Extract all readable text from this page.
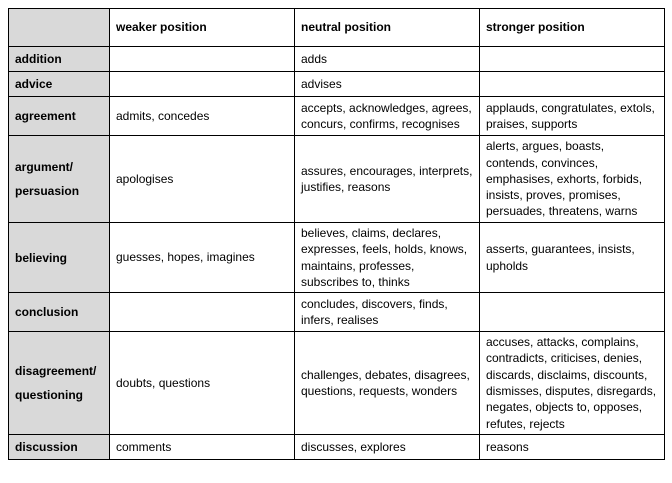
	weaker position	neutral position	stronger position
addition		adds	
advice		advises	
agreement	admits, concedes	accepts, acknowledges, agrees, concurs, confirms, recognises	applauds, congratulates, extols, praises, supports
argument/ persuasion	apologises	assures, encourages, interprets, justifies, reasons	alerts, argues, boasts, contends, convinces, emphasises, exhorts, forbids, insists, proves, promises, persuades, threatens, warns
believing	guesses, hopes, imagines	believes, claims, declares, expresses, feels, holds, knows, maintains, professes, subscribes to, thinks	asserts, guarantees, insists, upholds
conclusion		concludes, discovers, finds, infers, realises	
disagreement/ questioning	doubts, questions	challenges, debates, disagrees, questions, requests, wonders	accuses, attacks, complains, contradicts, criticises, denies, discards, disclaims, discounts, dismisses, disputes, disregards, negates, objects to, opposes, refutes, rejects
discussion	comments	discusses, explores	reasons
